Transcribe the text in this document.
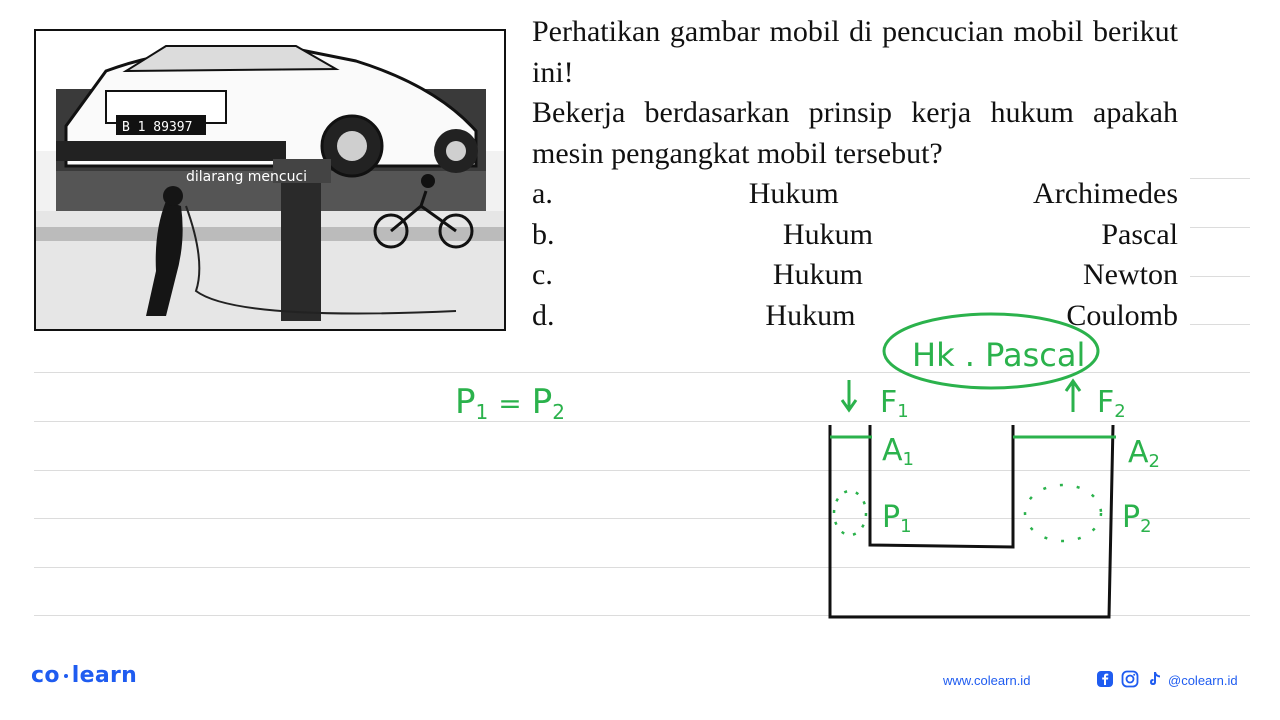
B 1 89397
dilarang mencuci

Perhatikan gambar mobil di pencucian mobil berikut ini!

Bekerja berdasarkan prinsip kerja hukum apakah mesin pengangkat mobil tersebut?

a. Hukum Archimedes

b. Hukum Pascal

c. Hukum Newton

d. Hukum Coulomb

Hk . Pascal
P1 = P2	F1	F2
A1	A2
P1	P2
co learn	www.colearn.id	@colearn.id
